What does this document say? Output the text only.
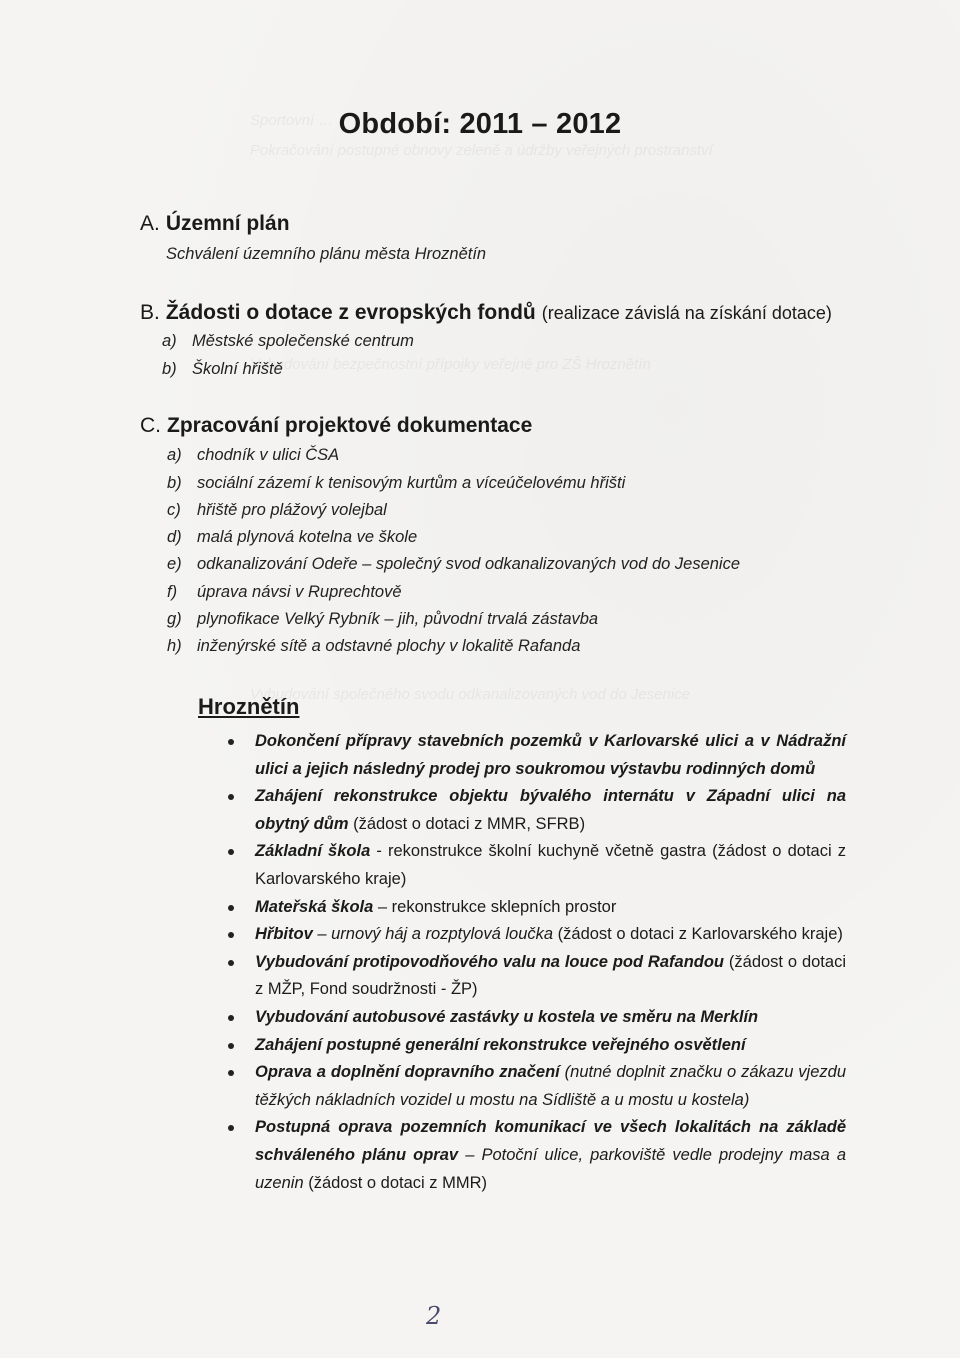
Sportovní …
Pokračování postupné obnovy zeleně a údržby veřejných prostranství
Vybudování bezpečnostní přípojky veřejné pro ZŠ Hroznětín
Vybudování společného svodu odkanalizovaných vod do Jesenice
Období: 2011 – 2012
A. Územní plán
Schválení územního plánu města Hroznětín
B. Žádosti o dotace z evropských fondů (realizace závislá na získání dotace)
a) Městské společenské centrum
b) Školní hřiště
C. Zpracování projektové dokumentace
a) chodník v ulici ČSA
b) sociální zázemí k tenisovým kurtům a víceúčelovému hřišti
c) hřiště pro plážový volejbal
d) malá plynová kotelna ve škole
e) odkanalizování Odeře – společný svod odkanalizovaných vod do Jesenice
f) úprava návsi v Ruprechtově
g) plynofikace Velký Rybník – jih, původní trvalá zástavba
h) inženýrské sítě a odstavné plochy v lokalitě Rafanda
Hroznětín
Dokončení přípravy stavebních pozemků v Karlovarské ulici a v Nádražní ulici a jejich následný prodej pro soukromou výstavbu rodinných domů
Zahájení rekonstrukce objektu bývalého internátu v Západní ulici na obytný dům (žádost o dotaci z MMR, SFRB)
Základní škola - rekonstrukce školní kuchyně včetně gastra (žádost o dotaci z Karlovarského kraje)
Mateřská škola – rekonstrukce sklepních prostor
Hřbitov – urnový háj a rozptylová loučka (žádost o dotaci z Karlovarského kraje)
Vybudování protipovodňového valu na louce pod Rafandou (žádost o dotaci z MŽP, Fond soudržnosti - ŽP)
Vybudování autobusové zastávky u kostela ve směru na Merklín
Zahájení postupné generální rekonstrukce veřejného osvětlení
Oprava a doplnění dopravního značení (nutné doplnit značku o zákazu vjezdu těžkých nákladních vozidel u mostu na Sídliště a u mostu u kostela)
Postupná oprava pozemních komunikací ve všech lokalitách na základě schváleného plánu oprav – Potoční ulice, parkoviště vedle prodejny masa a uzenin (žádost o dotaci z MMR)
2
